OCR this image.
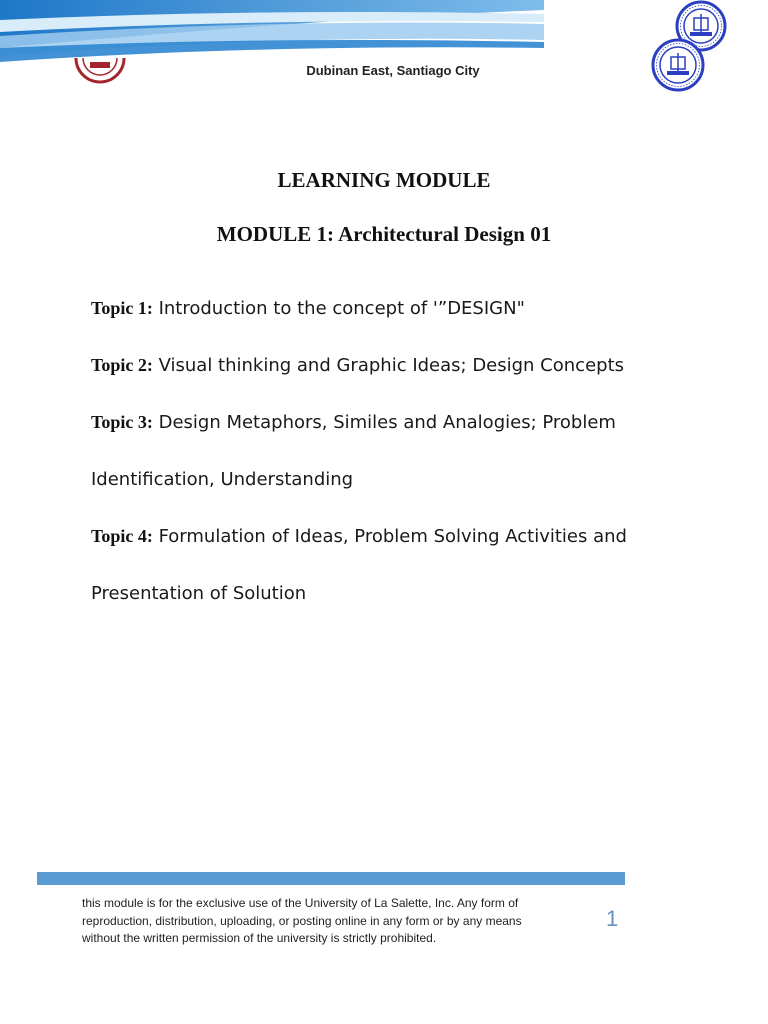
Dubinan East, Santiago City
LEARNING MODULE
MODULE 1: Architectural Design 01
Topic 1: Introduction to the concept of '”DESIGN"
Topic 2: Visual thinking and Graphic Ideas; Design Concepts
Topic 3: Design Metaphors, Similes and Analogies; Problem
Identification, Understanding
Topic 4: Formulation of Ideas, Problem Solving Activities and
Presentation of Solution
this module is for the exclusive use of the University of La Salette, Inc. Any form of
reproduction, distribution, uploading, or posting online in any form or by any means
without the written permission of the university is strictly prohibited.
1
